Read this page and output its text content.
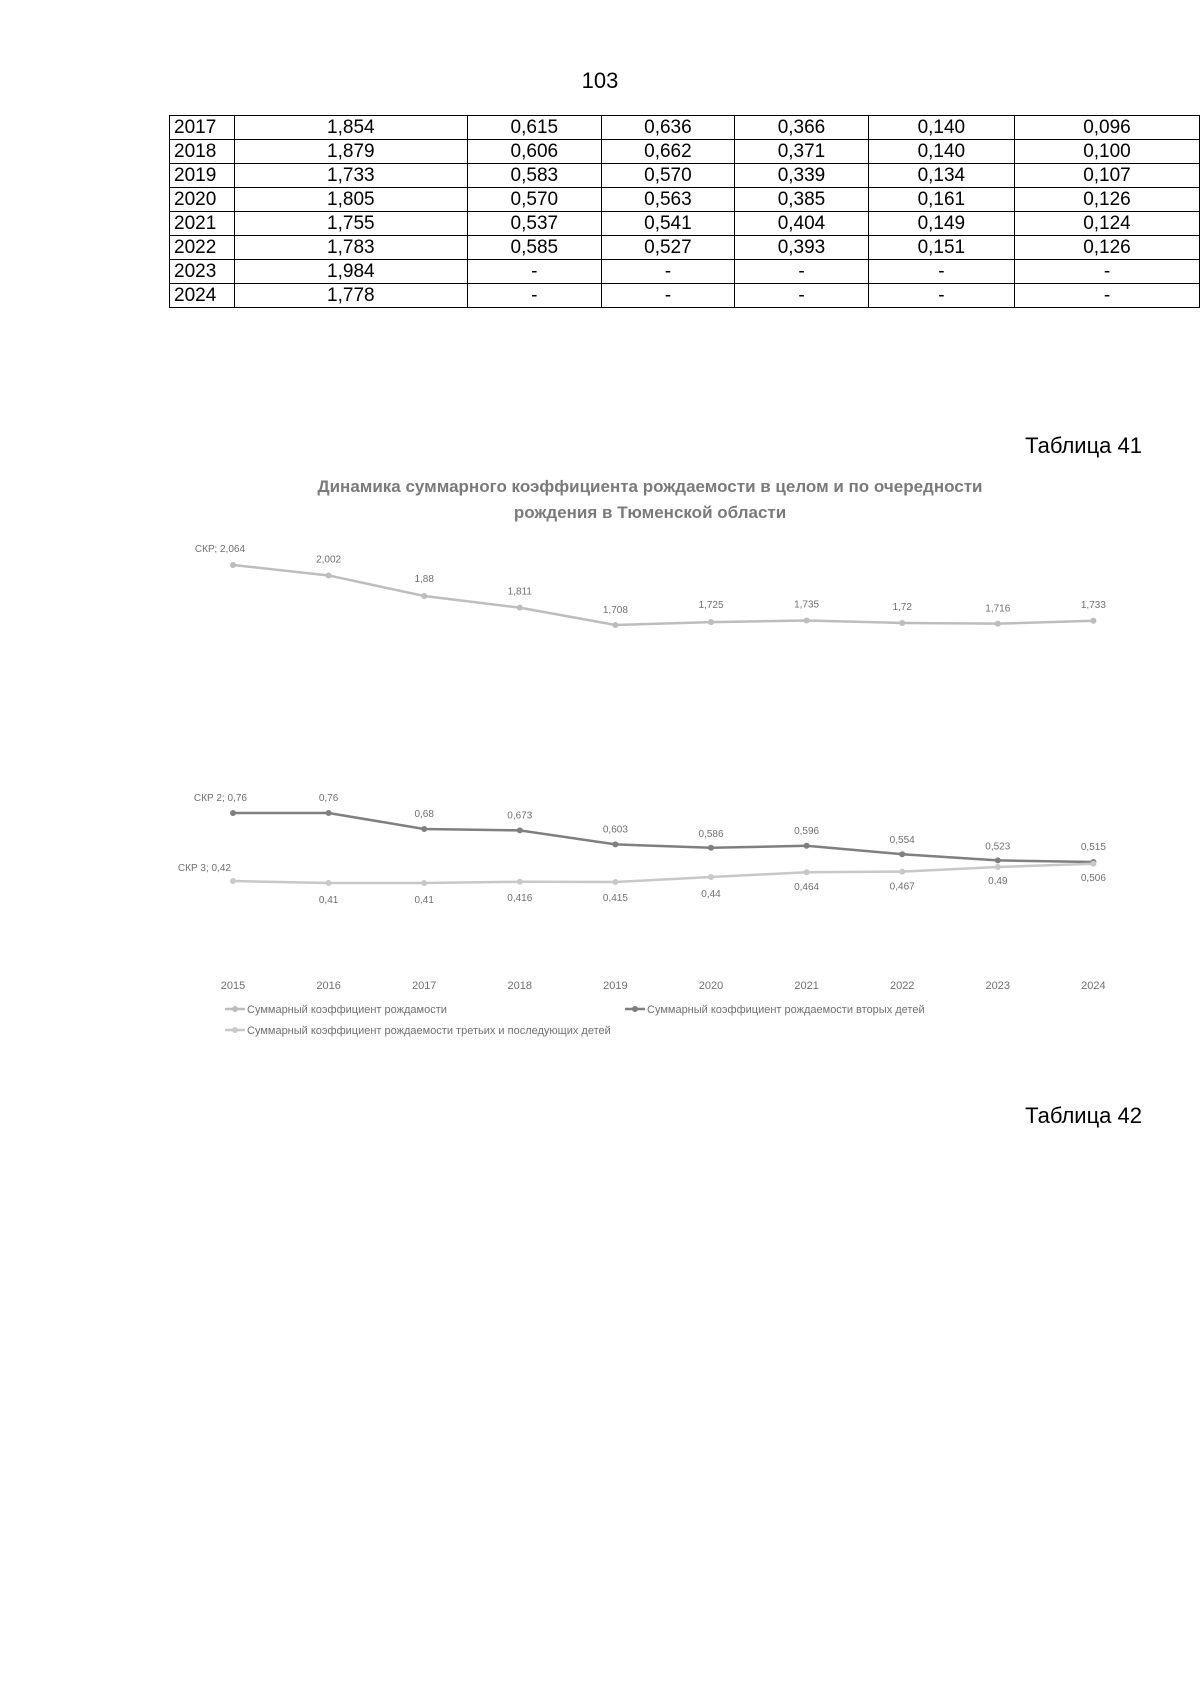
103
2017	1,854	0,615	0,636	0,366	0,140	0,096
2018	1,879	0,606	0,662	0,371	0,140	0,100
2019	1,733	0,583	0,570	0,339	0,134	0,107
2020	1,805	0,570	0,563	0,385	0,161	0,126
2021	1,755	0,537	0,541	0,404	0,149	0,124
2022	1,783	0,585	0,527	0,393	0,151	0,126
2023	1,984	-	-	-	-	-
2024	1,778	-	-	-	-	-
Таблица 41
Динамика суммарного коэффициента рождаемости в целом и по очередности
рождения в Тюменской области
СКР; 2,064
2,002
1,88
1,811
1,708	1,725	1,735	1,72	1,716	1,733
СКР 2; 0,76	0,76
0,68	0,673
0,603	0,586	0,596
0,554
0,523	0,515
СКР 3; 0,42
0,41	0,41	0,416	0,415	0,44
0,464	0,467
0,49	0,506
2015	2016	2017	2018	2019	2020	2021	2022	2023	2024
Суммарный коэффициент рождамости	Суммарный коэффициент рождаемости вторых детей
Суммарный коэффициент рождаемости третьих и последующих детей
Таблица 42
